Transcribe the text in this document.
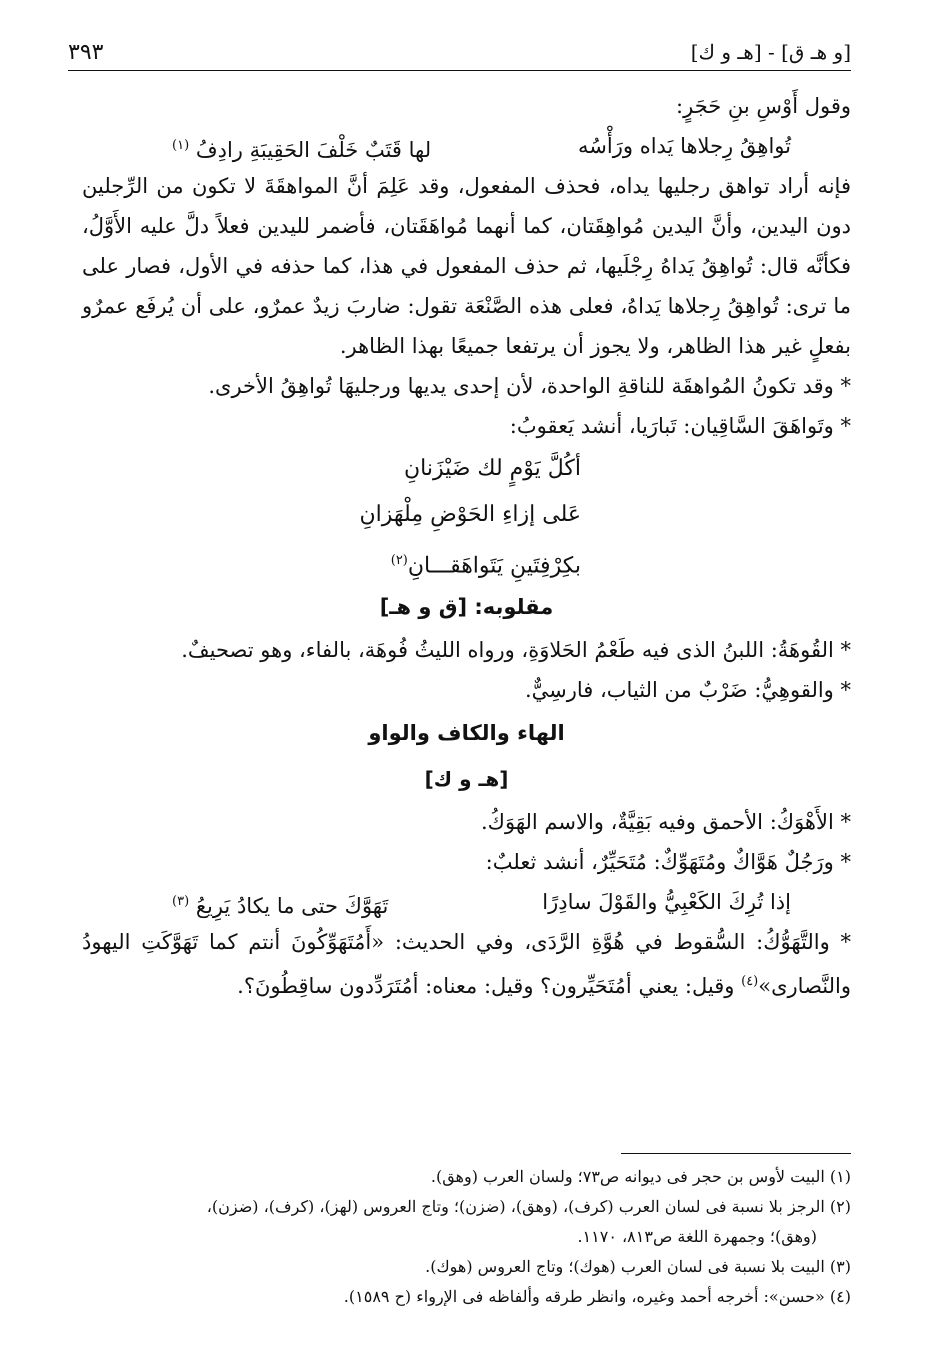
[و هـ ق] - [هـ و ك]
٣٩٣

وقول أَوْسِ بنِ حَجَرٍ:

تُواهِقُ رِجلاها يَداه ورَأْسُه
لها قَتَبٌ خَلْفَ الحَقِيبَةِ رادِفُ $^{(١)}$

فإنه أراد تواهق رجليها يداه، فحذف المفعول، وقد عَلِمَ أنَّ المواهقَةَ لا تكون من الرِّجلين دون اليدين، وأنَّ اليدين مُواهِقَتان، كما أنهما مُواهَقَتان، فأضمر لليدين فعلاً دلَّ عليه الأَوَّلُ، فكأنَّه قال: تُواهِقُ يَداهُ رِجْلَيها، ثم حذف المفعول في هذا، كما حذفه في الأول، فصار على ما ترى: تُواهِقُ رِجلاها يَداهُ، فعلى هذه الصَّنْعَة تقول: ضاربَ زيدٌ عمرٌو، على أن يُرفَع عمرٌو بفعلٍ غير هذا الظاهر، ولا يجوز أن يرتفعا جميعًا بهذا الظاهر.

* وقد تكونُ المُواهقَة للناقةِ الواحدة، لأن إحدى يديها ورجليهَا تُواهِقُ الأخرى.

* وتَواهَقَ السَّاقِيان: تَبارَيا، أنشد يَعقوبُ:

أكُلَّ يَوْمٍ لك ضَيْزَنانِ
عَلى إزاءِ الحَوْضِ مِلْهَزانِ
بكِرْفِتَينِ يَتَواهَقـــانِ$^{(٢)}$
مقلوبه: [ق و هـ]

* القُوهَةُ: اللبنُ الذى فيه طَعْمُ الحَلاوَةِ، ورواه الليثُ فُوهَة، بالفاء، وهو تصحيفٌ.

* والقوهِيُّ: ضَرْبٌ من الثياب، فارسِيٌّ.

الهاء والكاف والواو
[هـ و ك]

* الأَهْوَكُ: الأحمق وفيه بَقِيَّةٌ، والاسم الهَوَكُ.

* ورَجُلٌ هَوَّاكٌ ومُتَهَوِّكٌ: مُتَحَيِّرٌ، أنشد ثعلبٌ:

إذا تُرِكَ الكَعْبِيُّ والقَوْلَ سادِرًا
تَهَوَّكَ حتى ما يكادُ يَرِيعُ $^{(٣)}$

* والتَّهَوُّكُ: السُّقوط في هُوَّةِ الرَّدَى، وفي الحديث: «أَمُتَهَوِّكُونَ أنتم كما تَهَوَّكَتِ اليهودُ والنَّصارى»$^{(٤)}$ وقيل: يعني أمُتَحَيِّرون؟ وقيل: معناه: أمُتَرَدِّدون ساقِطُونَ؟.

(١) البيت لأوس بن حجر فى ديوانه ص٧٣؛ ولسان العرب (وهق).

(٢) الرجز بلا نسبة فى لسان العرب (كرف)، (وهق)، (ضزن)؛ وتاج العروس (لهز)، (كرف)، (ضزن)،

(وهق)؛ وجمهرة اللغة ص٨١٣، ١١٧٠.

(٣) البيت بلا نسبة فى لسان العرب (هوك)؛ وتاج العروس (هوك).

(٤) «حسن»: أخرجه أحمد وغيره، وانظر طرقه وألفاظه فى الإرواء (ح ١٥٨٩).
